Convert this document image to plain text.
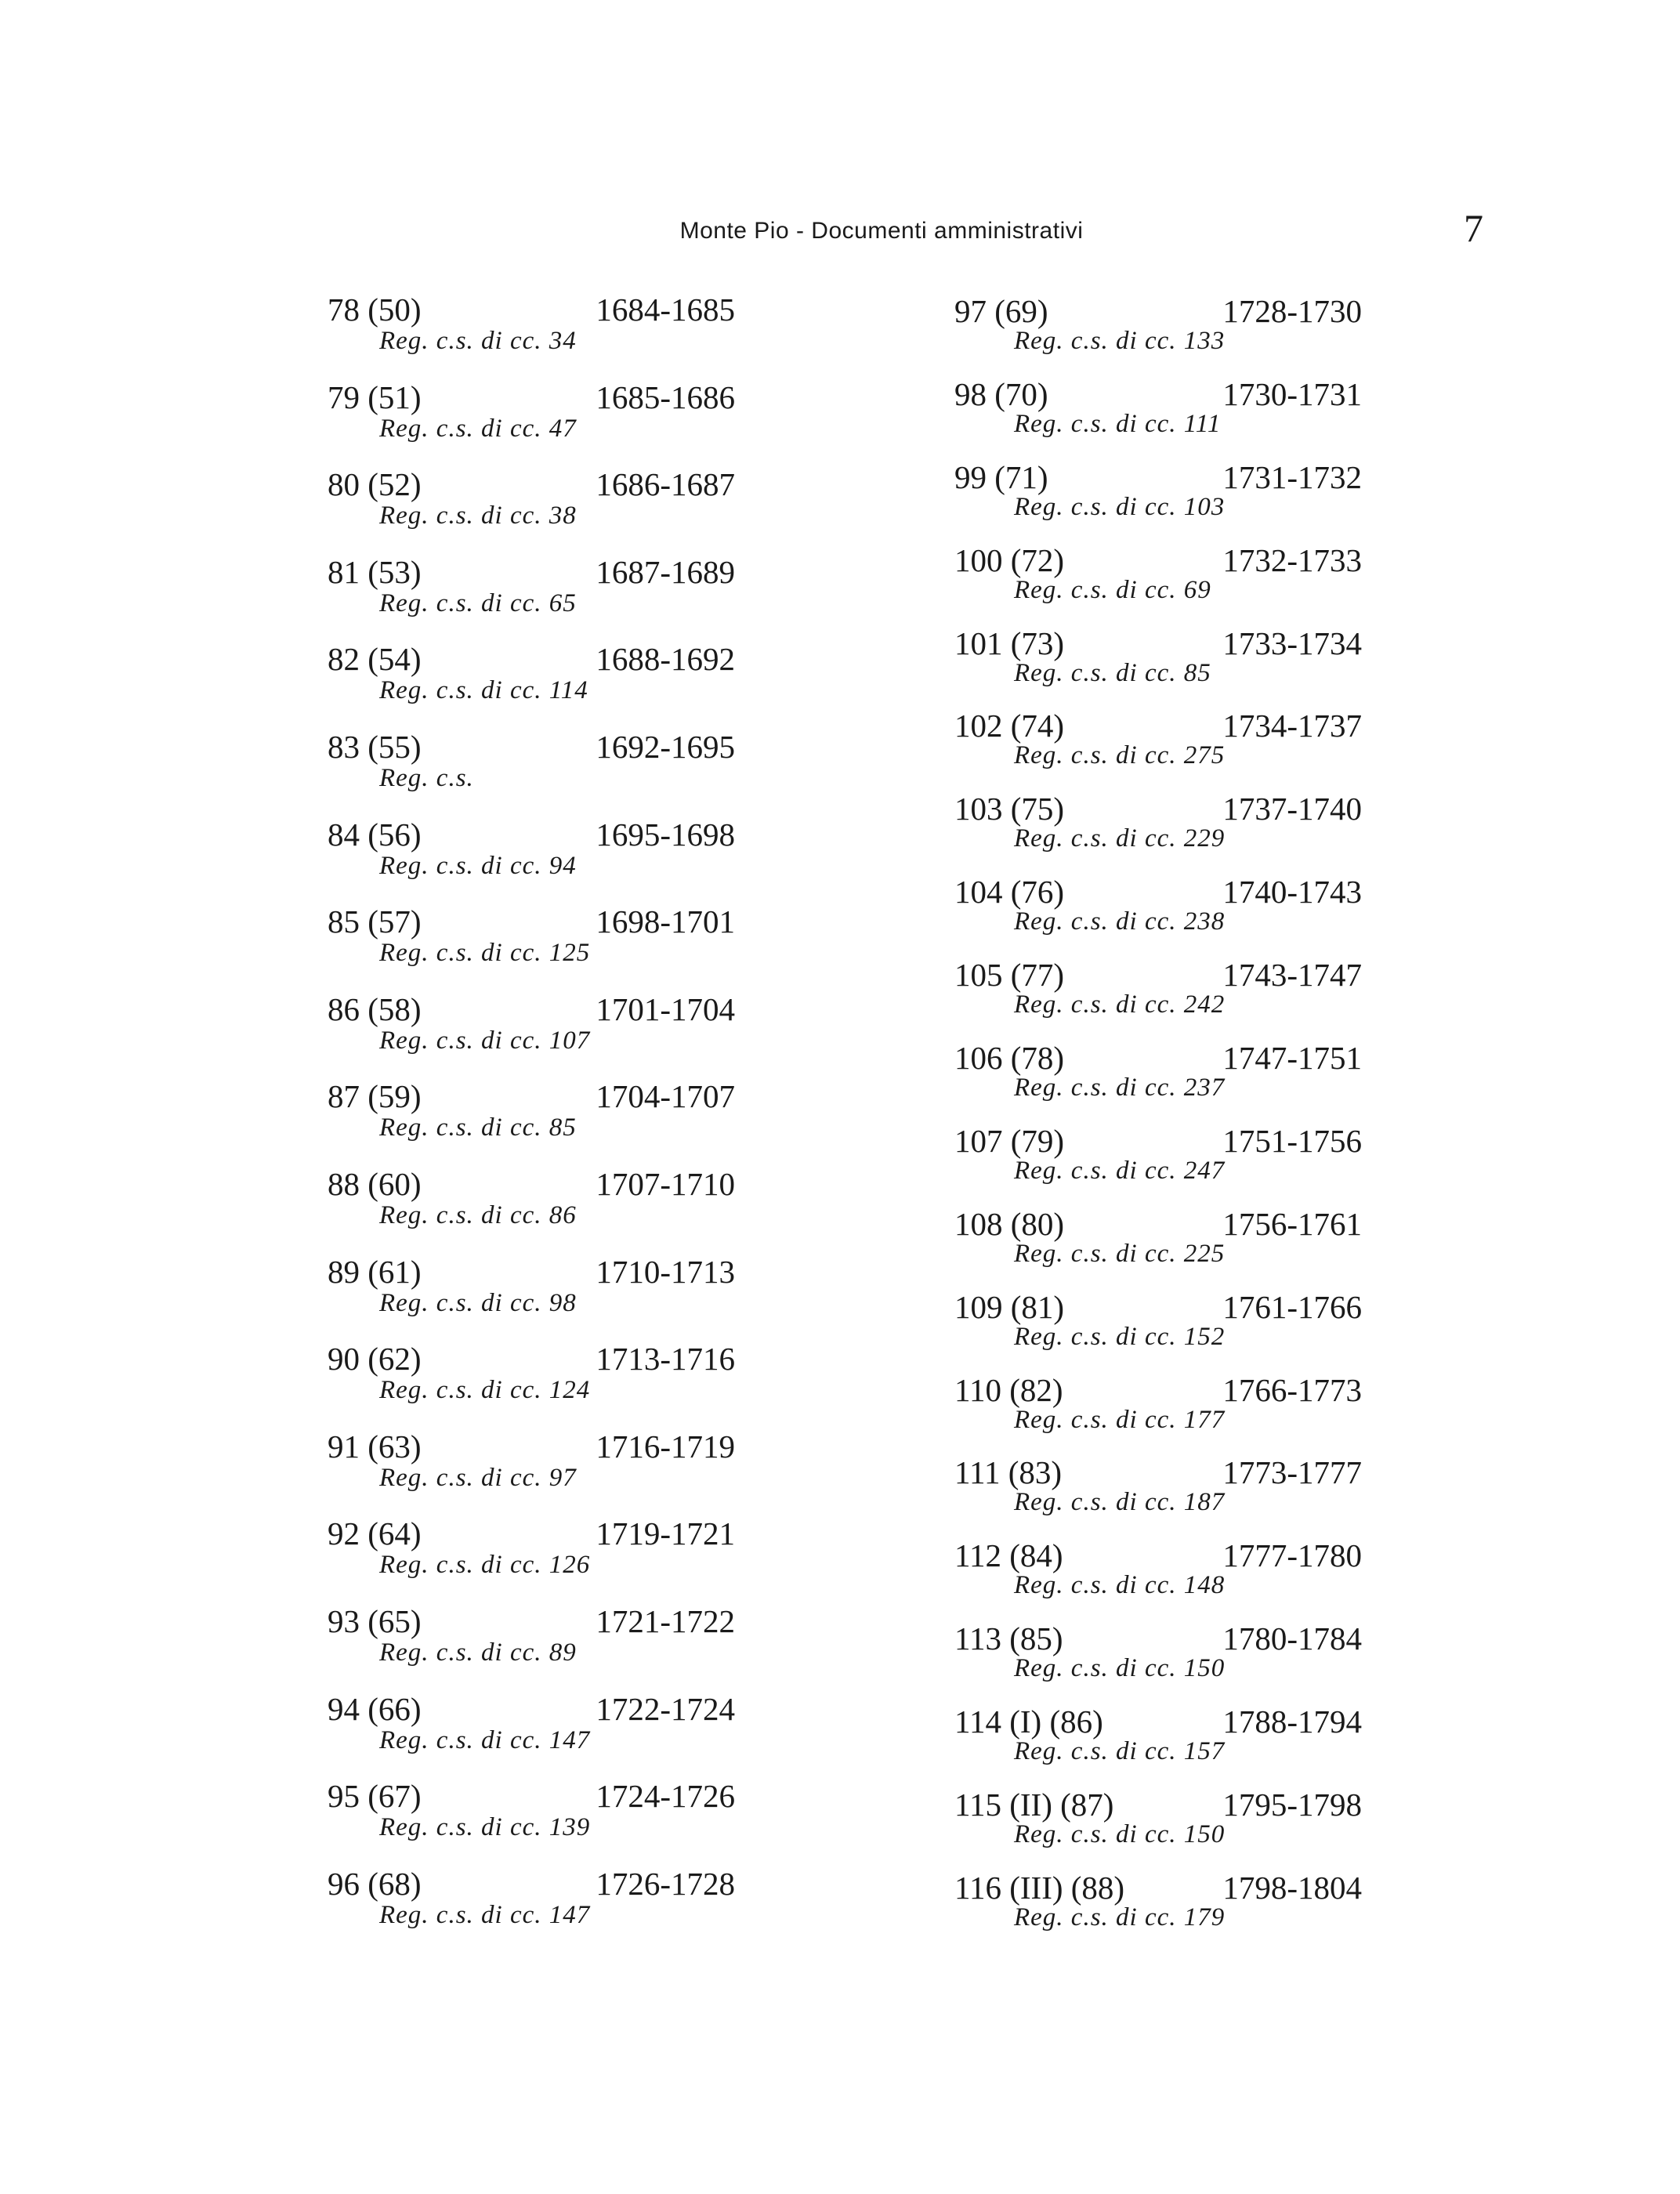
Monte Pio - Documenti amministrativi	7
78 (50)	1684-1685
Reg. c.s. di cc. 34
79 (51)	1685-1686
Reg. c.s. di cc. 47
80 (52)	1686-1687
Reg. c.s. di cc. 38
81 (53)	1687-1689
Reg. c.s. di cc. 65
82 (54)	1688-1692
Reg. c.s. di cc. 114
83 (55)	1692-1695
Reg. c.s.
84 (56)	1695-1698
Reg. c.s. di cc. 94
85 (57)	1698-1701
Reg. c.s. di cc. 125
86 (58)	1701-1704
Reg. c.s. di cc. 107
87 (59)	1704-1707
Reg. c.s. di cc. 85
88 (60)	1707-1710
Reg. c.s. di cc. 86
89 (61)	1710-1713
Reg. c.s. di cc. 98
90 (62)	1713-1716
Reg. c.s. di cc. 124
91 (63)	1716-1719
Reg. c.s. di cc. 97
92 (64)	1719-1721
Reg. c.s. di cc. 126
93 (65)	1721-1722
Reg. c.s. di cc. 89
94 (66)	1722-1724
Reg. c.s. di cc. 147
95 (67)	1724-1726
Reg. c.s. di cc. 139
96 (68)	1726-1728
Reg. c.s. di cc. 147
97 (69)	1728-1730
Reg. c.s. di cc. 133
98 (70)	1730-1731
Reg. c.s. di cc. 111
99 (71)	1731-1732
Reg. c.s. di cc. 103
100 (72)	1732-1733
Reg. c.s. di cc. 69
101 (73)	1733-1734
Reg. c.s. di cc. 85
102 (74)	1734-1737
Reg. c.s. di cc. 275
103 (75)	1737-1740
Reg. c.s. di cc. 229
104 (76)	1740-1743
Reg. c.s. di cc. 238
105 (77)	1743-1747
Reg. c.s. di cc. 242
106 (78)	1747-1751
Reg. c.s. di cc. 237
107 (79)	1751-1756
Reg. c.s. di cc. 247
108 (80)	1756-1761
Reg. c.s. di cc. 225
109 (81)	1761-1766
Reg. c.s. di cc. 152
110 (82)	1766-1773
Reg. c.s. di cc. 177
111 (83)	1773-1777
Reg. c.s. di cc. 187
112 (84)	1777-1780
Reg. c.s. di cc. 148
113 (85)	1780-1784
Reg. c.s. di cc. 150
114 (I) (86)	1788-1794
Reg. c.s. di cc. 157
115 (II) (87)	1795-1798
Reg. c.s. di cc. 150
116 (III) (88)	1798-1804
Reg. c.s. di cc. 179
